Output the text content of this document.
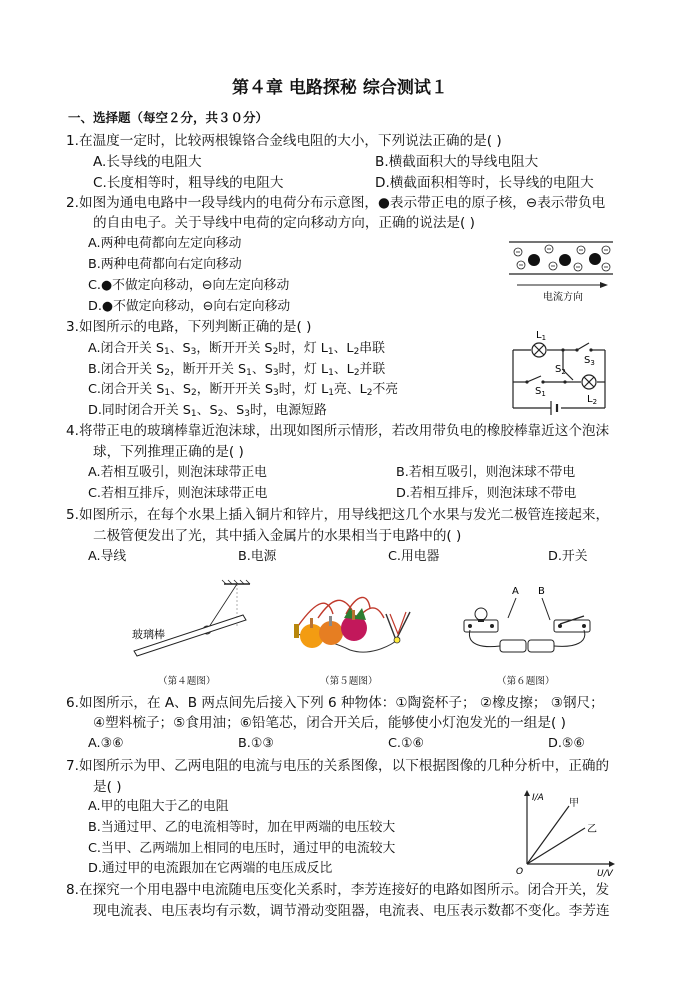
第４章 电路探秘 综合测试１
一、选择题（每空２分，共３０分）
1.在温度一定时，比较两根镍铬合金线电阻的大小，下列说法正确的是( )
A.长导线的电阻大	B.横截面积大的导线电阻大
C.长度相等时，粗导线的电阻大	D.横截面积相等时，长导线的电阻大
2.如图为通电电路中一段导线内的电荷分布示意图，●表示带正电的原子核，⊖表示带负电
的自由电子。关于导线中电荷的定向移动方向，正确的说法是( )
A.两种电荷都向左定向移动
B.两种电荷都向右定向移动
C.●不做定向移动，⊖向左定向移动
D.●不做定向移动，⊖向右定向移动
电流方向
3.如图所示的电路，下列判断正确的是( )
A.闭合开关 $S_1$、$S_3$，断开开关 $S_2$时，灯 $L_1$、$L_2$串联
B.闭合开关 $S_2$，断开开关 $S_1$、$S_3$时，灯 $L_1$、$L_2$并联
C.闭合开关 $S_1$、$S_2$，断开开关 $S_3$时，灯 $L_1$亮、$L_2$不亮
D.同时闭合开关 $S_1$、$S_2$、$S_3$时，电源短路
$L_1$
$S_3$
$S_2$
$S_1$	$L_2$
4.将带正电的玻璃棒靠近泡沫球，出现如图所示情形，若改用带负电的橡胶棒靠近这个泡沫
球，下列推理正确的是( )
A.若相互吸引，则泡沫球带正电	B.若相互吸引，则泡沫球不带电
C.若相互排斥，则泡沫球带正电	D.若相互排斥，则泡沫球不带电
5.如图所示，在每个水果上插入铜片和锌片，用导线把这几个水果与发光二极管连接起来，
二极管便发出了光，其中插入金属片的水果相当于电路中的( )
A.导线	B.电源	C.用电器	D.开关
玻璃棒
A B
（第４题图）	（第５题图）	（第６题图）
6.如图所示，在 A、B 两点间先后接入下列 6 种物体：①陶瓷杯子； ②橡皮擦； ③钢尺；
④塑料梳子；⑤食用油；⑥铅笔芯，闭合开关后，能够使小灯泡发光的一组是( )
A.③⑥	B.①③	C.①⑥	D.⑤⑥
7.如图所示为甲、乙两电阻的电流与电压的关系图像，以下根据图像的几种分析中，正确的
是( )
A.甲的电阻大于乙的电阻
B.当通过甲、乙的电流相等时，加在甲两端的电压较大
C.当甲、乙两端加上相同的电压时，通过甲的电流较大
D.通过甲的电流跟加在它两端的电压成反比
I/A
U/V
O
甲
乙
8.在探究一个用电器中电流随电压变化关系时，李芳连接好的电路如图所示。闭合开关，发
现电流表、电压表均有示数，调节滑动变阻器，电流表、电压表示数都不变化。李芳连
